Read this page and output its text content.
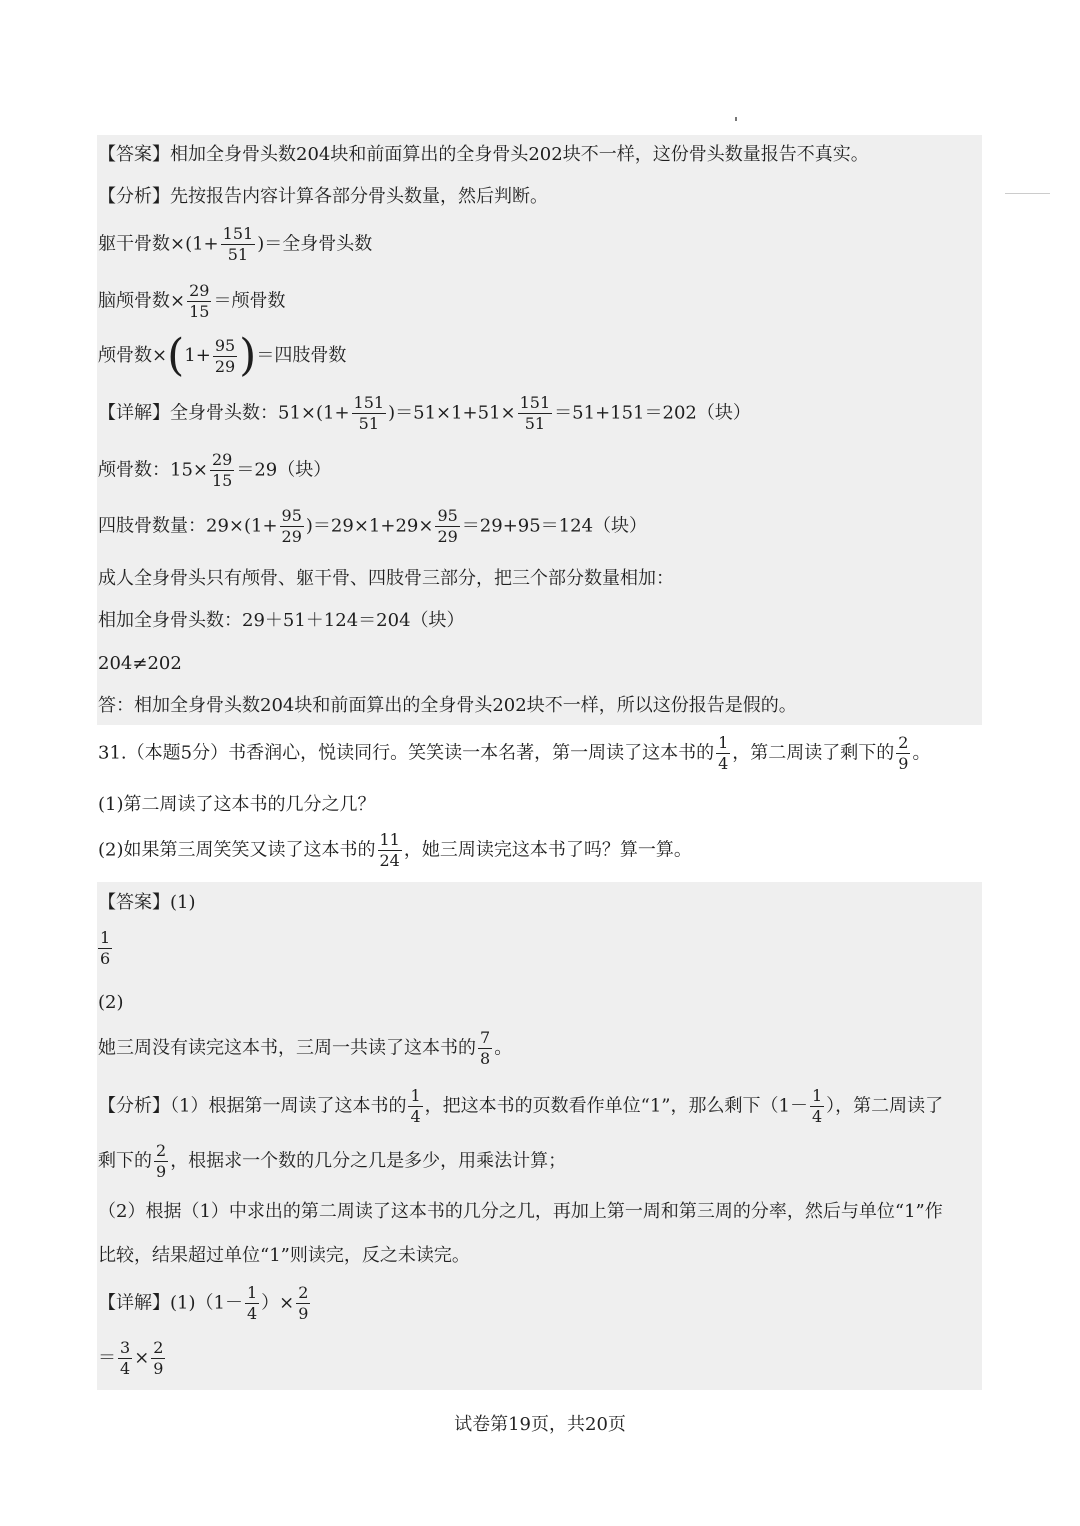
【答案】相加全身骨头数204块和前面算出的全身骨头202块不一样，这份骨头数量报告不真实。
【分析】先按报告内容计算各部分骨头数量，然后判断。
躯干骨数$\times(1+ \frac{151}{51}$ )＝全身骨头数
脑颅骨数× $\frac{29}{15}$ ＝颅骨数
颅骨数$\times(1+ \frac{95}{29}$ )＝四肢骨数
【详解】全身骨头数：$51\times(1+ \frac{151}{51} )=51\times 1+51\times \frac{151}{51} =51+151=202$（块）
颅骨数：$15\times \frac{29}{15} =29$（块）
四肢骨数量：$29\times(1+ \frac{95}{29} )=29\times 1+29\times \frac{95}{29} =29+95=124$（块）
成人全身骨头只有颅骨、躯干骨、四肢骨三部分，把三个部分数量相加：
相加全身骨头数：29＋51＋124＝204（块）
204≠202
答：相加全身骨头数204块和前面算出的全身骨头202块不一样，所以这份报告是假的。
31.（本题5分）书香润心，悦读同行。笑笑读一本名著，第一周读了这本书的 $\frac{1}{4}$ ，第二周读了剩下的 $\frac{2}{9}$ 。
(1)第二周读了这本书的几分之几？
(2)如果第三周笑笑又读了这本书的 $\frac{11}{24}$ ，她三周读完这本书了吗？算一算。
【答案】(1)
$\frac{1}{6}$
(2)
她三周没有读完这本书，三周一共读了这本书的 $\frac{7}{8}$ 。
【分析】（1）根据第一周读了这本书的 $\frac{1}{4}$ ，把这本书的页数看作单位“1”，那么剩下（$1- \frac{1}{4}$ ），第二周读了
剩下的 $\frac{2}{9}$ ，根据求一个数的几分之几是多少，用乘法计算；
（2）根据（1）中求出的第二周读了这本书的几分之几，再加上第一周和第三周的分率，然后与单位“1”作
比较，结果超过单位“1”则读完，反之未读完。
【详解】$(1)(1- \frac{1}{4}$ ）× $\frac{2}{9}$
＝ $\frac{3}{4} \times \frac{2}{9}$
试卷第19页，共20页
